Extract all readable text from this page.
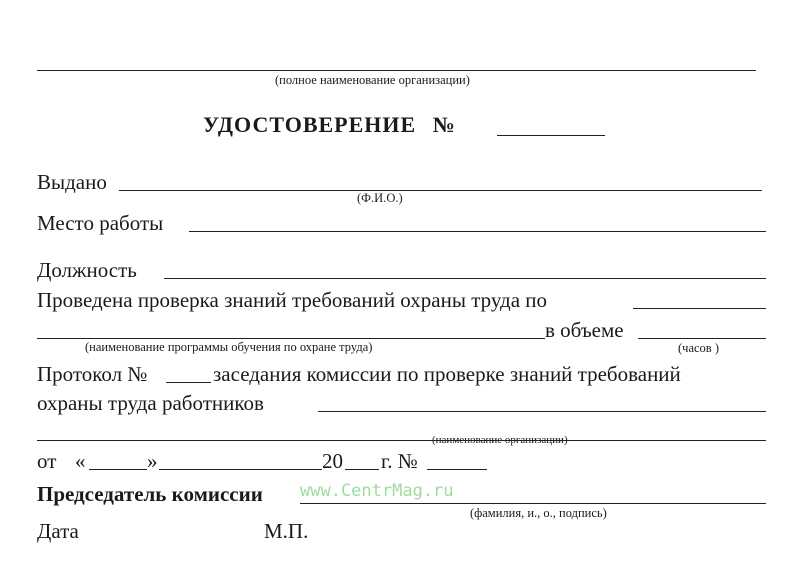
(полное наименование организации)
УДОСТОВЕРЕНИЕ №
Выдано
(Ф.И.О.)
Место работы
Должность
Проведена проверка знаний требований охраны труда по
в объеме
(наименование программы обучения по охране труда)	(часов )
Протокол №	заседания комиссии по проверке знаний требований
охраны труда работников
(наименование организации)
от «	»	20 г. №
Председатель комиссии www.CentrMag.ru
(фамилия, и., о., подпись)
Дата	М.П.
